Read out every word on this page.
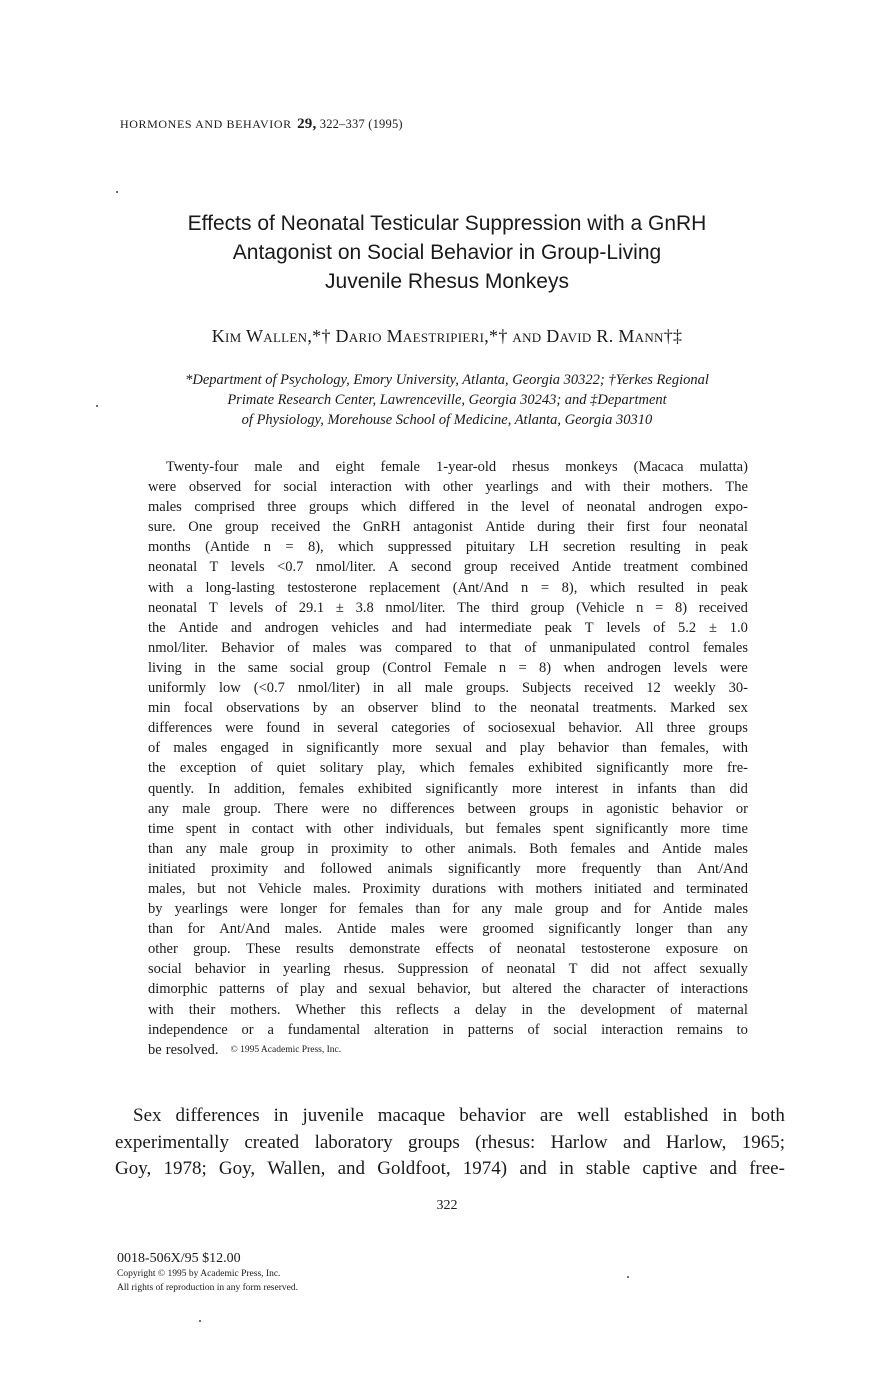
HORMONES AND BEHAVIOR 29, 322–337 (1995)
Effects of Neonatal Testicular Suppression with a GnRH
Antagonist on Social Behavior in Group-Living
Juvenile Rhesus Monkeys
Kim Wallen,*† Dario Maestripieri,*† and David R. Mann†‡
*Department of Psychology, Emory University, Atlanta, Georgia 30322; †Yerkes Regional
Primate Research Center, Lawrenceville, Georgia 30243; and ‡Department
of Physiology, Morehouse School of Medicine, Atlanta, Georgia 30310
Twenty-four male and eight female 1-year-old rhesus monkeys (Macaca mulatta)
were observed for social interaction with other yearlings and with their mothers. The
males comprised three groups which differed in the level of neonatal androgen expo-
sure. One group received the GnRH antagonist Antide during their first four neonatal
months (Antide n = 8), which suppressed pituitary LH secretion resulting in peak
neonatal T levels <0.7 nmol/liter. A second group received Antide treatment combined
with a long-lasting testosterone replacement (Ant/And n = 8), which resulted in peak
neonatal T levels of 29.1 ± 3.8 nmol/liter. The third group (Vehicle n = 8) received
the Antide and androgen vehicles and had intermediate peak T levels of 5.2 ± 1.0
nmol/liter. Behavior of males was compared to that of unmanipulated control females
living in the same social group (Control Female n = 8) when androgen levels were
uniformly low (<0.7 nmol/liter) in all male groups. Subjects received 12 weekly 30-
min focal observations by an observer blind to the neonatal treatments. Marked sex
differences were found in several categories of sociosexual behavior. All three groups
of males engaged in significantly more sexual and play behavior than females, with
the exception of quiet solitary play, which females exhibited significantly more fre-
quently. In addition, females exhibited significantly more interest in infants than did
any male group. There were no differences between groups in agonistic behavior or
time spent in contact with other individuals, but females spent significantly more time
than any male group in proximity to other animals. Both females and Antide males
initiated proximity and followed animals significantly more frequently than Ant/And
males, but not Vehicle males. Proximity durations with mothers initiated and terminated
by yearlings were longer for females than for any male group and for Antide males
than for Ant/And males. Antide males were groomed significantly longer than any
other group. These results demonstrate effects of neonatal testosterone exposure on
social behavior in yearling rhesus. Suppression of neonatal T did not affect sexually
dimorphic patterns of play and sexual behavior, but altered the character of interactions
with their mothers. Whether this reflects a delay in the development of maternal
independence or a fundamental alteration in patterns of social interaction remains to
be resolved. © 1995 Academic Press, Inc.
Sex differences in juvenile macaque behavior are well established in both
experimentally created laboratory groups (rhesus: Harlow and Harlow, 1965;
Goy, 1978; Goy, Wallen, and Goldfoot, 1974) and in stable captive and free-
322
0018-506X/95 $12.00
Copyright © 1995 by Academic Press, Inc.
All rights of reproduction in any form reserved.
